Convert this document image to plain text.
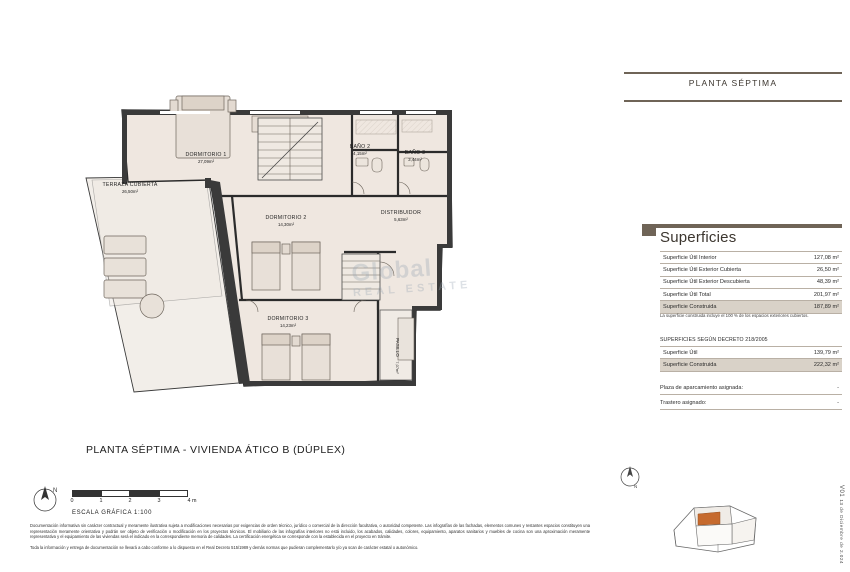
DORMITORIO 1
27,09m²
TERRAZA CUBIERTA
26,50m²
DORMITORIO 2
14,30m²
DORMITORIO 3
14,23m²
BAÑO 2
4,15m²	BAÑO 3
3,44m²
DISTRIBUIDOR
5,63m²
PASILLO 7,07m²
Global
REAL ESTATE
PLANTA SÉPTIMA - VIVIENDA ÁTICO B (DÚPLEX)
N
0	1	2	3	4 m
ESCALA GRÁFICA 1:100

Documentación informativa sin carácter contractual y meramente ilustrativa sujeta a modificaciones necesarias por exigencias de orden técnico, jurídico o comercial de la dirección facultativa, o autoridad competente. Las infografías de las fachadas, elementos comunes y restantes espacios constituyen una representación meramente orientativa y podrán ser objeto de verificación o modificación en los proyectos técnicos. El mobiliario de las infografías interiores no está incluido, los acabados, calidades, colores, equipamiento, aparatos sanitarios y muebles de cocina son una aproximación meramente representativa y el equipamiento de las viviendas será el indicado en la correspondiente memoria de calidades. La certificación energética se corresponde con la establecida en el proyecto en trámite.

Toda la información y entrega de documentación se llevará a cabo conforme a lo dispuesto en el Real Decreto 515/1989 y demás normas que pudieran complementarlo y/o ya scan de carácter estatal o autonómico.

N
PLANTA SÉPTIMA
Superficies
Superficie Útil Interior	127,08 m²
Superficie Útil Exterior Cubierta	26,50 m²
Superficie Útil Exterior Descubierta	48,39 m²
Superficie Útil Total	201,97 m²
Superficie Construida	187,89 m²
La superficie construida incluye el 100 % de los espacios exteriores cubiertos.
SUPERFICIES SEGÚN DECRETO 218/2005
Superficie Útil	139,79 m²
Superficie Construida	222,32 m²
Plaza de aparcamiento asignada:	-
Trastero asignado:	-
V01 13 de Diciembre de 2.024
